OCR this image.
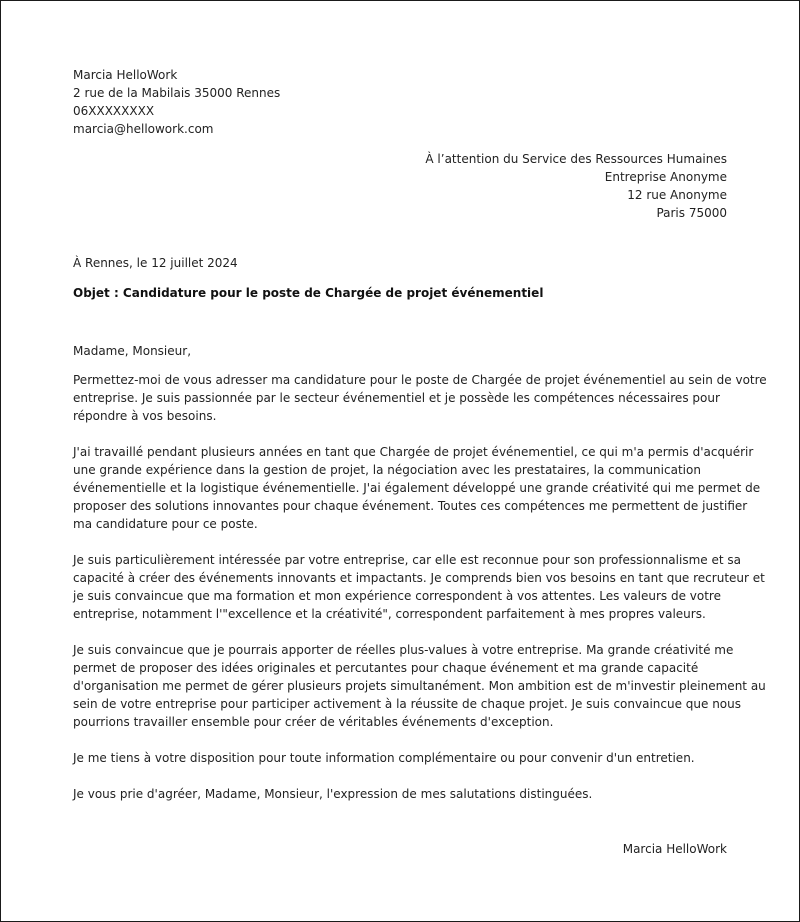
Marcia HelloWork
2 rue de la Mabilais 35000 Rennes
06XXXXXXXX
marcia@hellowork.com
À l’attention du Service des Ressources Humaines
Entreprise Anonyme
12 rue Anonyme
Paris 75000
À Rennes, le 12 juillet 2024
Objet : Candidature pour le poste de Chargée de projet événementiel
Madame, Monsieur,

Permettez-moi de vous adresser ma candidature pour le poste de Chargée de projet événementiel au sein de votre
entreprise. Je suis passionnée par le secteur événementiel et je possède les compétences nécessaires pour
répondre à vos besoins.

J'ai travaillé pendant plusieurs années en tant que Chargée de projet événementiel, ce qui m'a permis d'acquérir
une grande expérience dans la gestion de projet, la négociation avec les prestataires, la communication
événementielle et la logistique événementielle. J'ai également développé une grande créativité qui me permet de
proposer des solutions innovantes pour chaque événement. Toutes ces compétences me permettent de justifier
ma candidature pour ce poste.

Je suis particulièrement intéressée par votre entreprise, car elle est reconnue pour son professionnalisme et sa
capacité à créer des événements innovants et impactants. Je comprends bien vos besoins en tant que recruteur et
je suis convaincue que ma formation et mon expérience correspondent à vos attentes. Les valeurs de votre
entreprise, notamment l'"excellence et la créativité", correspondent parfaitement à mes propres valeurs.

Je suis convaincue que je pourrais apporter de réelles plus-values à votre entreprise. Ma grande créativité me
permet de proposer des idées originales et percutantes pour chaque événement et ma grande capacité
d'organisation me permet de gérer plusieurs projets simultanément. Mon ambition est de m'investir pleinement au
sein de votre entreprise pour participer activement à la réussite de chaque projet. Je suis convaincue que nous
pourrions travailler ensemble pour créer de véritables événements d'exception.

Je me tiens à votre disposition pour toute information complémentaire ou pour convenir d'un entretien.

Je vous prie d'agréer, Madame, Monsieur, l'expression de mes salutations distinguées.

Marcia HelloWork
